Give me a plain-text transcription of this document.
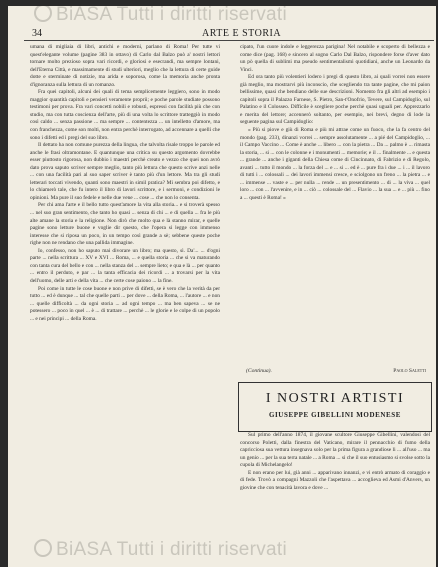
BiASA Tutti i diritti riservati
34	ARTE E STORIA

umana di migliaia di libri, antichi e moderni, parlano di Roma! Per tutte vi quest'elegante volume (pagine 383 in ottavo) di Carlo dal Balzo può a' nostri lettori tornare molto prezioso sopra vari ricordi, e gloriosi e esecrandi, ma sempre lontani, dell'Eterna Città, e massimamente di studi ulteriori, meglio che la lettura di certe guide dotte e sterminate di notizie, ma arida e soporosa, come la memoria anche pronta d'ignoranza sulla lettura di un romanzo.

Fra quei capitoli, alcuni dei quali di tema semplicemente leggiero, sono in modo maggior quantità capitoli e pensieri veramente proprii; e poche parole studiate possono testimoni per prova. Fra vari concetti nobili e robusti, espressi con facilità più che con studio, ma con tutta coscienza dell'arte, più di una volta lo scrittore tratteggiò in modo così caldo ... senza passione ... ma sempre ... contentezza ... un intelletto d'amore, ma con franchezza, come son molti, non entra perchè interrogato, ad accennare a quelli che sono i difetti ed i pregi del suo libro.

Il dettato ha non comune purezza della lingua, che talvolta risale troppo le parole ed anche le frasi oltramontane. E quantunque una critica su questo argomento dovrebbe esser piuttosto rigorosa, non dubbio i maestri perchè creato e vezzo che quei non avrò dato prova saputo scriver sempre meglio, tanto più lettura che questo scrive anzi nelle ... con una facilità pari al suo saper scriver è tanto più d'un lettore. Ma tra gli studi letterari toccati vivendo, quanti sono maestri in simil pratica? Mi sembra poi difetto, e lo chiamerò tale, che fu intero il libro di lavori scrittore, e i sermoni, e condizioni le opinioni. Ma pure il suo fedele e nelle due vene ... cose ... che non lo consenta.

Per chi ama l'arte e il bello tutto quest'amore la vita alla storia... e si troverà spesso ... nel suo gran sentimento, che tanto ho quasi ... senza di chi ... e di quella ... fra le più alte amane la storia e la religione. Non dirò che molto qua e là stanno mirar, e quelle pagine sono letture buone e voglie dir questo, che l'opera si legge con immenso interesse che si riposa un poco, in un tempo così grande a sè; sebbene queste poche righe non ne rendano che una pallida immagine.

Io, confesso, non ho saputo mai divorare un libro; ma questo, sì. Da'... ... d'ogni parte ... nella scrittura ... XV e XVI ... Roma, ... e quella storia ... che si va maturando con tanta cura del bello e con ... nella stanza del ... sempre lieto; e qua e là ... per quanto ... entro il perduto, e par ... la tanta efficacia dei ricordi ... a trovarsi per la vita dell'uomo, delle arti e della vita ... che certe cose paiono ... la fine.

Poi come in tutte le cose buone e non prive di difetti, se è vero che la verità da per tutto ... ed è dunque ... tal che quelle parti ... per dove ... della Roma, ... l'autore ... e non ... quelle difficoltà ... da ogni storia ... ad ogni tempo ... ma ben sapeva ... se ne potessero ... poco in quel ... è ... di trattare ... perchè ... le glorie e le colpe di un popolo ... e nei principi ... della Roma.

cipato, l'un cuore indole e leggerezza parigina! Nel notabile e scoperto di bellezza e come dice (pag. 168) e sincero al sogno Carlo Dal Balzo, rispondere forse d'aver dato un pò quella di sublimi ma pseudo sentimentalismi quotidiani, anche un Leonardo da Vinci.

Ed ora tanto più volentieri lodero i pregi di questo libro, ai quali vorrei non essere già meglio, ma mostrarvi più inconscio, che scegliendo tra tante pagine, che mi paion bellissime, quasi che bendiano delle sue descrizioni. Nomento fra gli altri ad esempio i capitoli sopra il Palazzo Farnese, S. Pietro, San-t'Onofrio, Tevere, sul Campidoglio, sul Palatino e il Colosseo. Difficile è scegliere poche perchè quasi uguali per. Apprezzarlo e merita del lettore; accennerò soltanto, per esempio, nei brevi, degno di lode la seguente pagina sul Campidoglio:

« Più si piove e giù di Roma e più mi attrae come un fuoco, che la fa centro del mondo (pag. 233), dinanzi vorrei ... sempre assolutamente ... a pié del Campidoglio, ... il Campo Vaccino ... Come è anche ... libero ... con la pietra ... Da ... palmo è ... rimasta la storia, ... si ... con le colonne e i monumenti ... memorie; e il ... finalmente ... e questa ... grande ... anche i giganti della Chiesa come di Cincinnato, di Fabrizio e di Regolo, avanti ... tutto il mondo ... la forza del ... e ... si ... ed è ... pure fra i due ... i ... il lavoro di tutti i ... colossali ... dei lavori immensi cresce, e sciolgono un freno ... la pietra ... e ... immense ... vaste e ... per nulla ... rende ... un presentimento ... di ... la viva ... quel loro ... con ... l'avvenire, e in ... ciò ... colossale del ... Flavio ... la sua ... e ... più ... fino a ... questi è Roma! »

(Continua).	Paolo Saletti
I NOSTRI ARTISTI
GIUSEPPE GIBELLINI MODENESE

Sul primo dell'anno 1874, il giovane scultore Giuseppe Gibellini, valendosi del concorso Poletti, dalla finestra del Vaticano, mirare il pennacchio di fumo della capricciosa sua vettura insegnava solo per la prima figura a grandiose li ... all'uso ... ma un genio ... per la sua terra natale ... a Roma ... si che il suo entusiasmo si svolse sotto la cupola di Michelangelo!

E non erano per lui, già anni ... apparivano innanzi, e vi entrò armato di coraggio e di fede. Trovò a compagni Mazzoli che l'aspettava ... accoglieva ed Asmi d'Anvers, un giovine che con tenacità lavora e dove ...

BiASA Tutti i diritti riservati
